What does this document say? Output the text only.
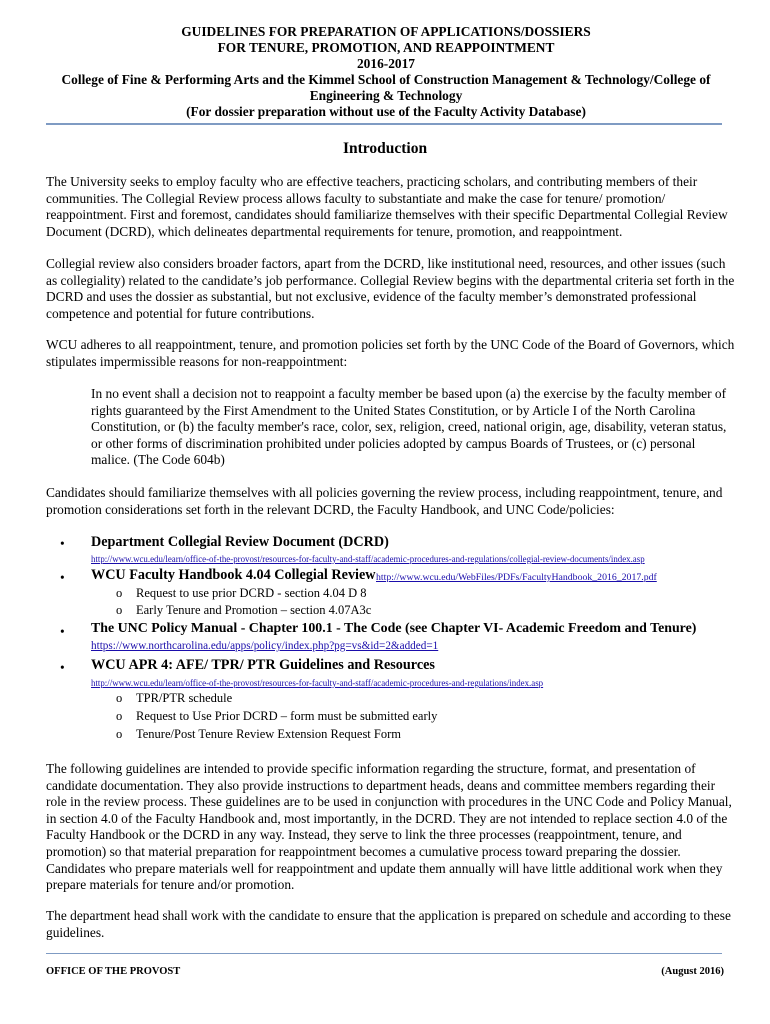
GUIDELINES FOR PREPARATION OF APPLICATIONS/DOSSIERS
FOR TENURE, PROMOTION, AND REAPPOINTMENT
2016-2017
College of Fine & Performing Arts and the Kimmel School of Construction Management & Technology/College of
Engineering & Technology
(For dossier preparation without use of the Faculty Activity Database)
Introduction
The University seeks to employ faculty who are effective teachers, practicing scholars, and contributing members of their communities. The Collegial Review process allows faculty to substantiate and make the case for tenure/ promotion/ reappointment. First and foremost, candidates should familiarize themselves with their specific Departmental Collegial Review Document (DCRD), which delineates departmental requirements for tenure, promotion, and reappointment.
Collegial review also considers broader factors, apart from the DCRD, like institutional need, resources, and other issues (such as collegiality) related to the candidate’s job performance. Collegial Review begins with the departmental criteria set forth in the DCRD and uses the dossier as substantial, but not exclusive, evidence of the faculty member’s demonstrated professional competence and potential for future contributions.
WCU adheres to all reappointment, tenure, and promotion policies set forth by the UNC Code of the Board of Governors, which stipulates impermissible reasons for non-reappointment:
In no event shall a decision not to reappoint a faculty member be based upon (a) the exercise by the faculty member of rights guaranteed by the First Amendment to the United States Constitution, or by Article I of the North Carolina Constitution, or (b) the faculty member's race, color, sex, religion, creed, national origin, age, disability, veteran status, or other forms of discrimination prohibited under policies adopted by campus Boards of Trustees, or (c) personal malice. (The Code 604b)
Candidates should familiarize themselves with all policies governing the review process, including reappointment, tenure, and promotion considerations set forth in the relevant DCRD, the Faculty Handbook, and UNC Code/policies:
• Department Collegial Review Document (DCRD)
http://www.wcu.edu/learn/office-of-the-provost/resources-for-faculty-and-staff/academic-procedures-and-regulations/collegial-review-documents/index.asp
• WCU Faculty Handbook 4.04 Collegial Review http://www.wcu.edu/WebFiles/PDFs/FacultyHandbook_2016_2017.pdf
o Request to use prior DCRD - section 4.04 D 8
o Early Tenure and Promotion – section 4.07A3c
• The UNC Policy Manual - Chapter 100.1 - The Code (see Chapter VI- Academic Freedom and Tenure)
https://www.northcarolina.edu/apps/policy/index.php?pg=vs&id=2&added=1
• WCU APR 4: AFE/ TPR/ PTR Guidelines and Resources
http://www.wcu.edu/learn/office-of-the-provost/resources-for-faculty-and-staff/academic-procedures-and-regulations/index.asp
o TPR/PTR schedule
o Request to Use Prior DCRD – form must be submitted early
o Tenure/Post Tenure Review Extension Request Form
The following guidelines are intended to provide specific information regarding the structure, format, and presentation of candidate documentation. They also provide instructions to department heads, deans and committee members regarding their role in the review process. These guidelines are to be used in conjunction with procedures in the UNC Code and Policy Manual, in section 4.0 of the Faculty Handbook and, most importantly, in the DCRD. They are not intended to replace section 4.0 of the Faculty Handbook or the DCRD in any way. Instead, they serve to link the three processes (reappointment, tenure, and promotion) so that material preparation for reappointment becomes a cumulative process toward preparing the dossier. Candidates who prepare materials well for reappointment and update them annually will have little additional work when they prepare materials for tenure and/or promotion.
The department head shall work with the candidate to ensure that the application is prepared on schedule and according to these guidelines.
OFFICE OF THE PROVOST	(August 2016)
